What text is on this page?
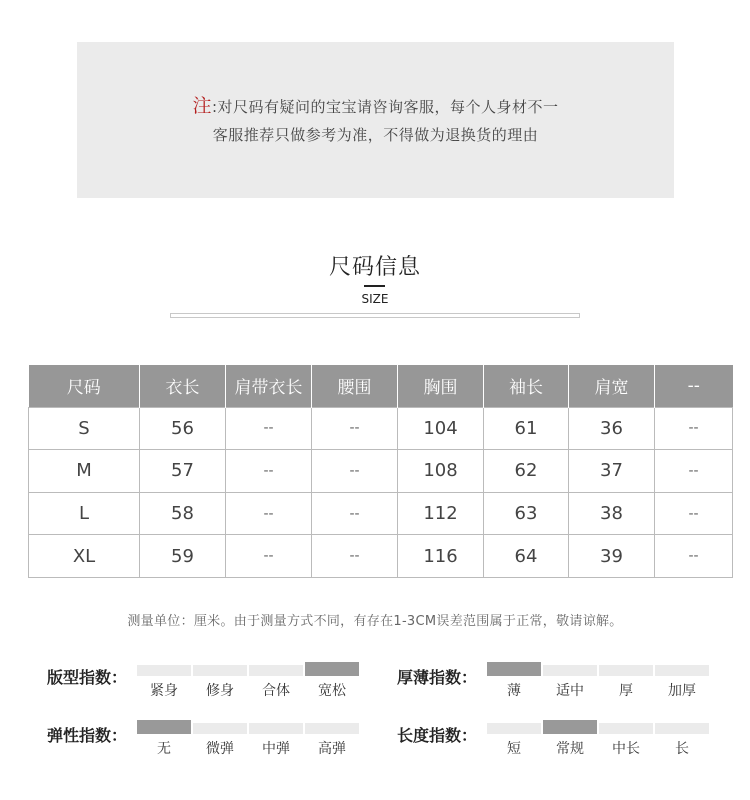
注:对尺码有疑问的宝宝请咨询客服，每个人身材不一
客服推荐只做参考为准，不得做为退换货的理由
尺码信息
SIZE
尺码	衣长	肩带衣长	腰围	胸围	袖长	肩宽	--
S	56	--	--	104	61	36	--
M	57	--	--	108	62	37	--
L	58	--	--	112	63	38	--
XL	59	--	--	116	64	39	--
测量单位：厘米。由于测量方式不同，有存在1-3CM误差范围属于正常，敬请谅解。
版型指数：
紧身	修身	合体	宽松
厚薄指数：
薄	适中	厚	加厚
弹性指数：
无	微弹	中弹	高弹
长度指数：
短	常规	中长	长
